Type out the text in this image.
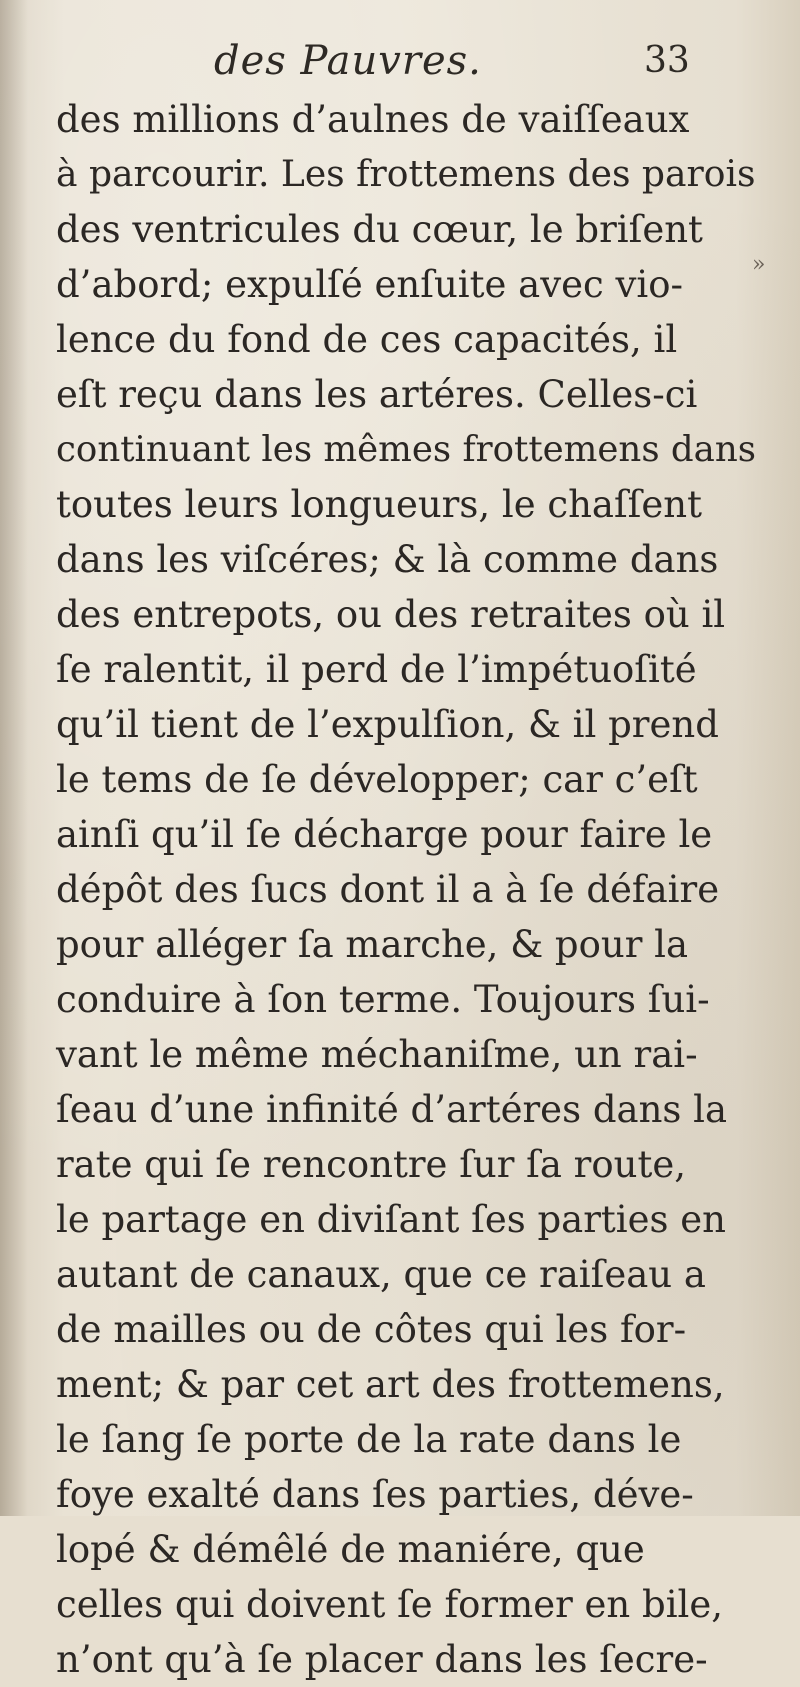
des Pauvres.	33
»
des millions d’aulnes de vaiſſeaux
à parcourir. Les frottemens des parois
des ventricules du cœur, le briſent
d’abord; expulſé enſuite avec vio-
lence du fond de ces capacités, il
eſt reçu dans les artéres. Celles-ci
continuant les mêmes frottemens dans
toutes leurs longueurs, le chaſſent
dans les viſcéres; & là comme dans
des entrepots, ou des retraites où il
ſe ralentit, il perd de l’impétuoſité
qu’il tient de l’expulſion, & il prend
le tems de ſe développer; car c’eſt
ainſi qu’il ſe décharge pour faire le
dépôt des ſucs dont il a à ſe défaire
pour alléger ſa marche, & pour la
conduire à ſon terme. Toujours ſui-
vant le même méchaniſme, un rai-
ſeau d’une infinité d’artéres dans la
rate qui ſe rencontre ſur ſa route,
le partage en diviſant ſes parties en
autant de canaux, que ce raiſeau a
de mailles ou de côtes qui les for-
ment; & par cet art des frottemens,
le ſang ſe porte de la rate dans le
foye exalté dans ſes parties, déve-
lopé & démêlé de maniére, que
celles qui doivent ſe former en bile,
n’ont qu’à ſe placer dans les ſecre-
